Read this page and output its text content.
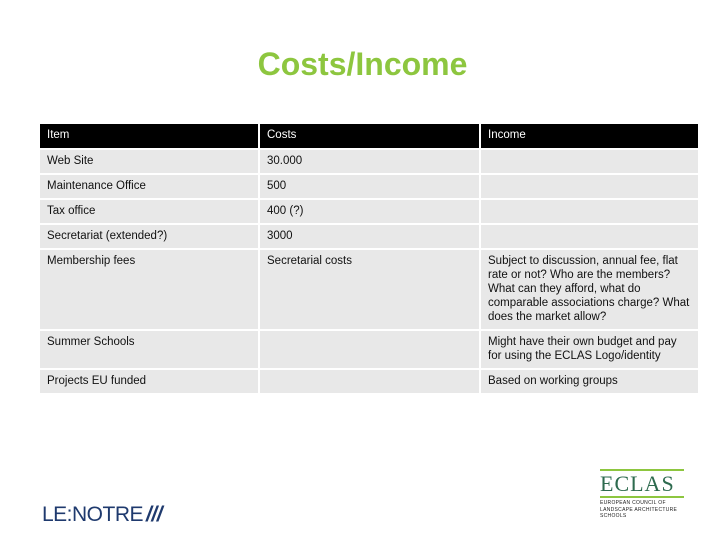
Costs/Income
Item	Costs	Income
Web Site	30.000	
Maintenance Office	500	
Tax office	400 (?)	
Secretariat (extended?)	3000	
Membership fees	Secretarial costs	Subject to discussion, annual fee, flat rate or not? Who are the members? What can they afford, what do comparable associations charge? What does the market allow?
Summer Schools		Might have their own budget and pay for using the ECLAS Logo/identity
Projects EU funded		Based on working groups
LE:NOTRE ///
ECLAS
EUROPEAN COUNCIL OF
LANDSCAPE ARCHITECTURE
SCHOOLS
